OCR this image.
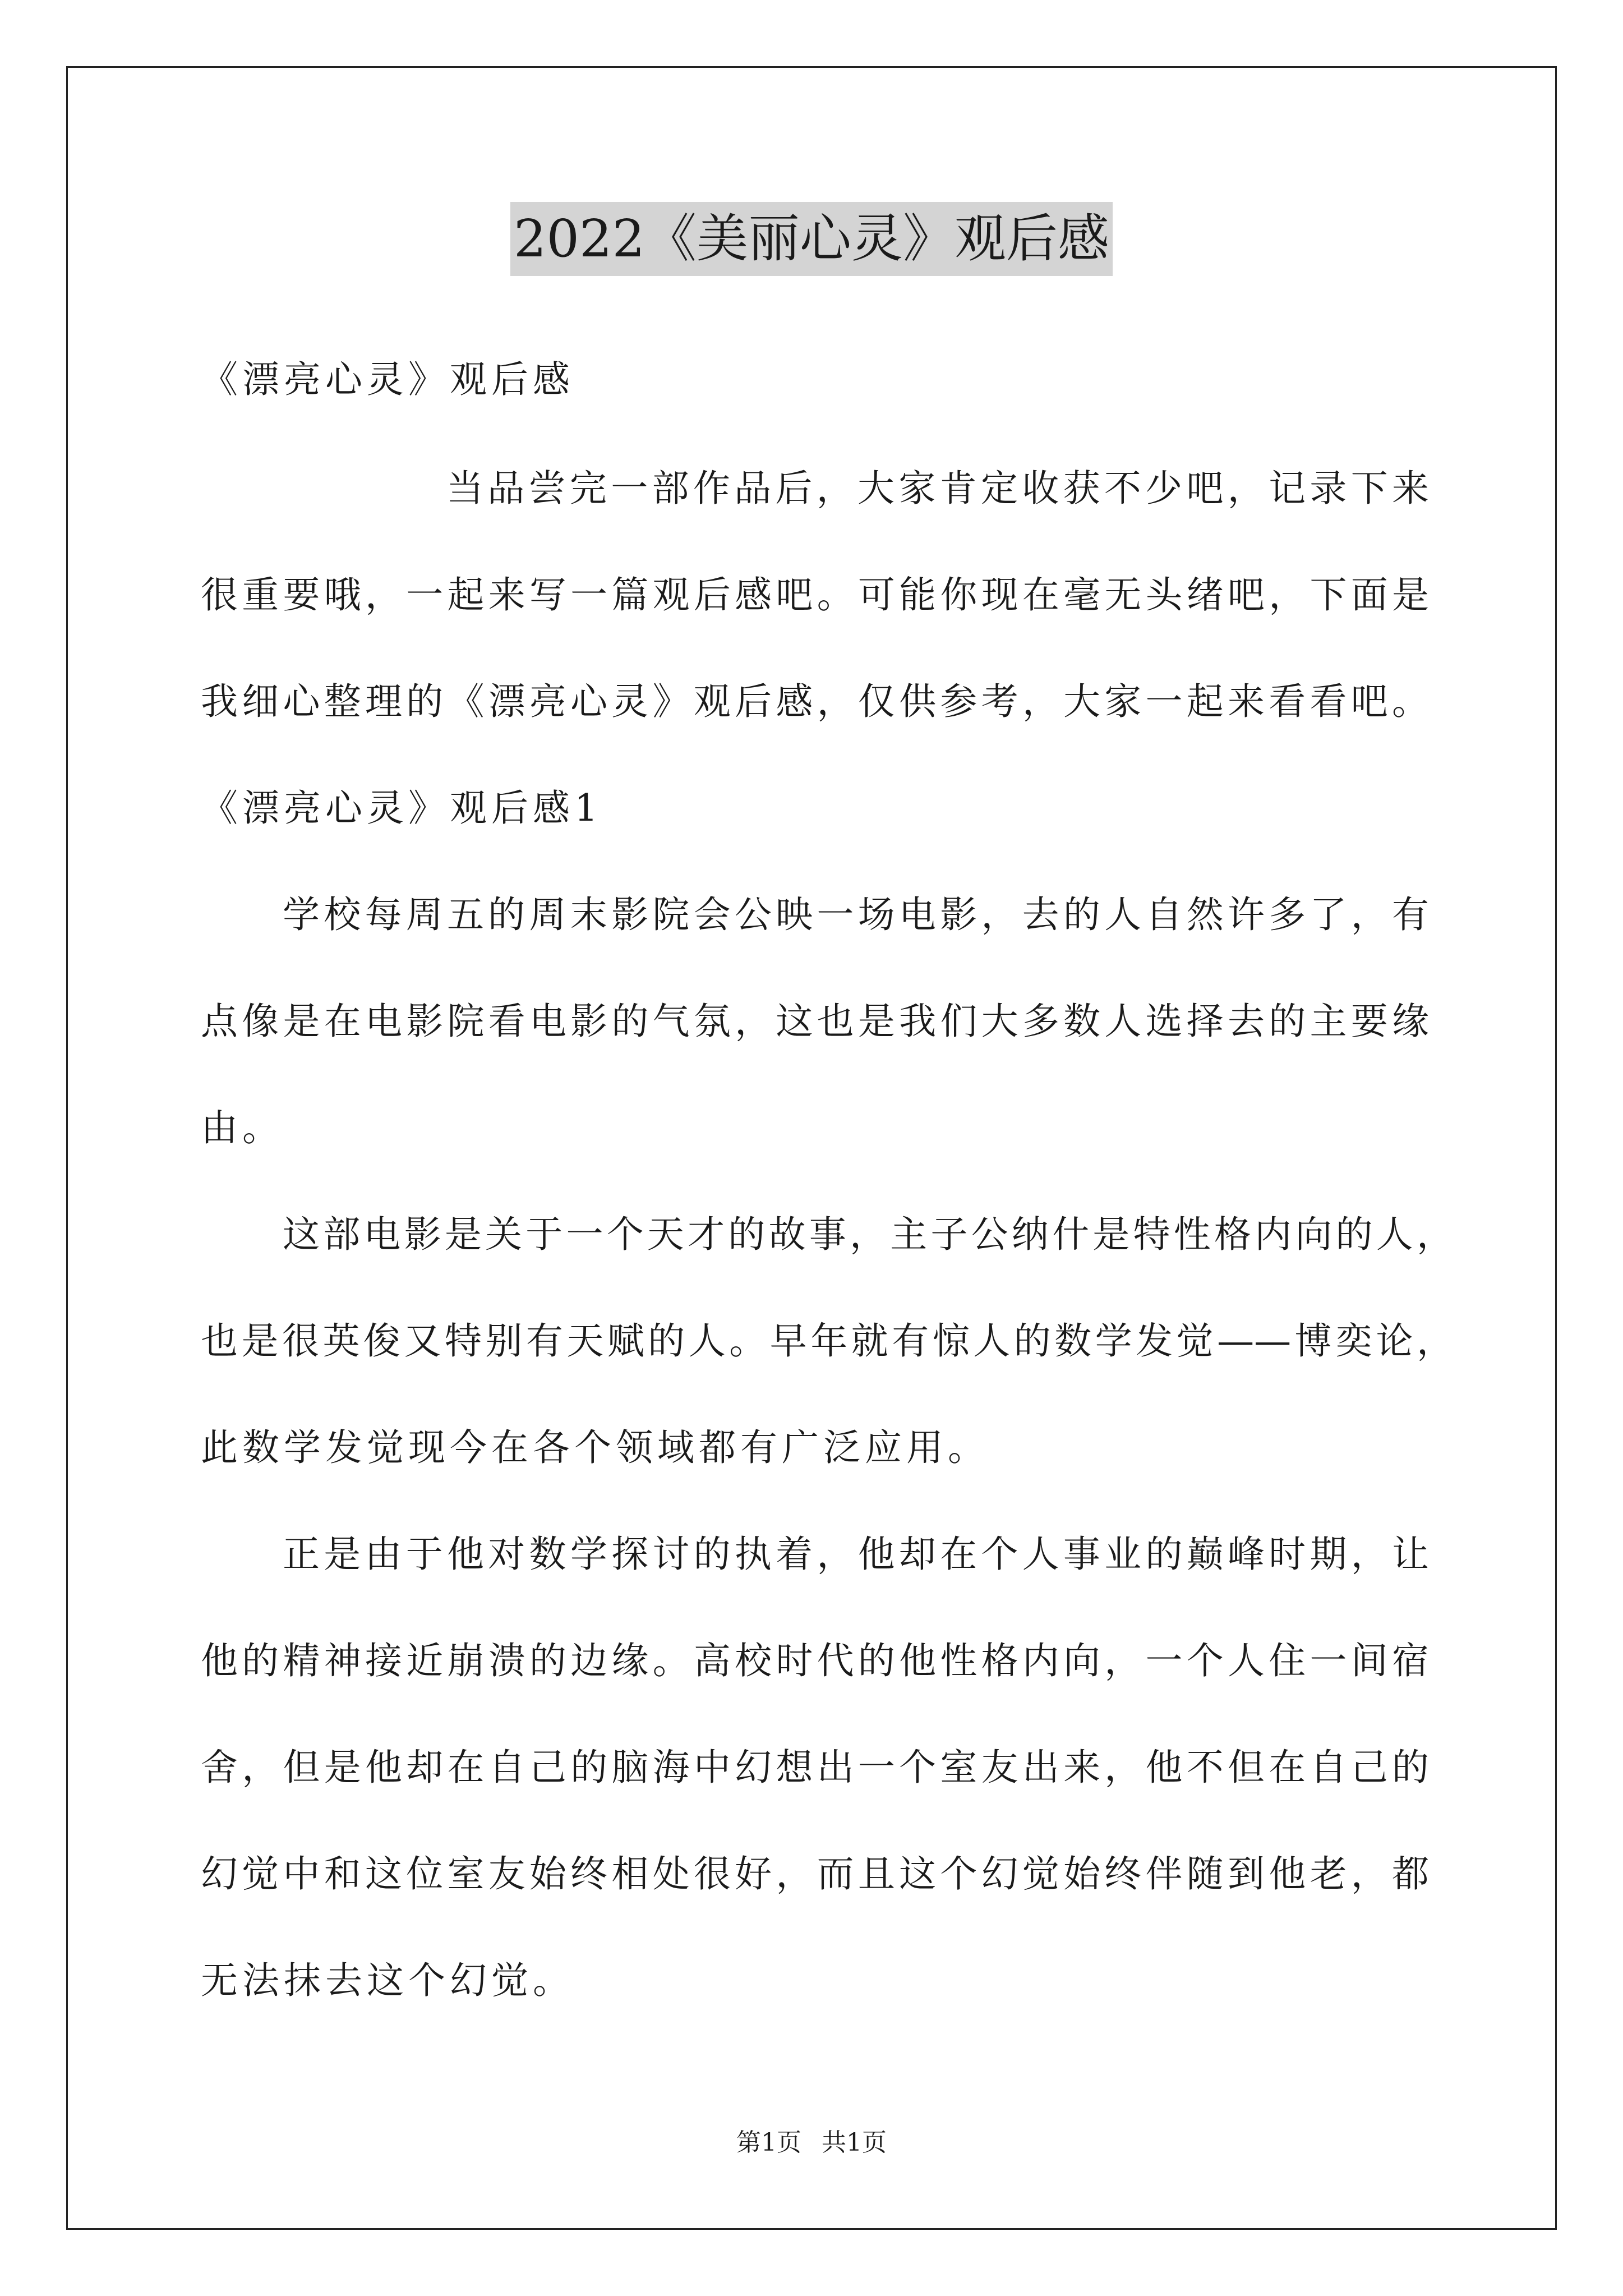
2022《美丽心灵》观后感
《漂亮心灵》观后感
当品尝完一部作品后，大家肯定收获不少吧，记录下来
很重要哦，一起来写一篇观后感吧。可能你现在毫无头绪吧，下面是
我细心整理的《漂亮心灵》观后感，仅供参考，大家一起来看看吧。
《漂亮心灵》观后感1
学校每周五的周末影院会公映一场电影，去的人自然许多了，有
点像是在电影院看电影的气氛，这也是我们大多数人选择去的主要缘
由。
这部电影是关于一个天才的故事，主子公纳什是特性格内向的人，
也是很英俊又特别有天赋的人。早年就有惊人的数学发觉——博奕论，
此数学发觉现今在各个领域都有广泛应用。
正是由于他对数学探讨的执着，他却在个人事业的巅峰时期，让
他的精神接近崩溃的边缘。高校时代的他性格内向，一个人住一间宿
舍，但是他却在自己的脑海中幻想出一个室友出来，他不但在自己的
幻觉中和这位室友始终相处很好，而且这个幻觉始终伴随到他老，都
无法抹去这个幻觉。
第1页 共1页
